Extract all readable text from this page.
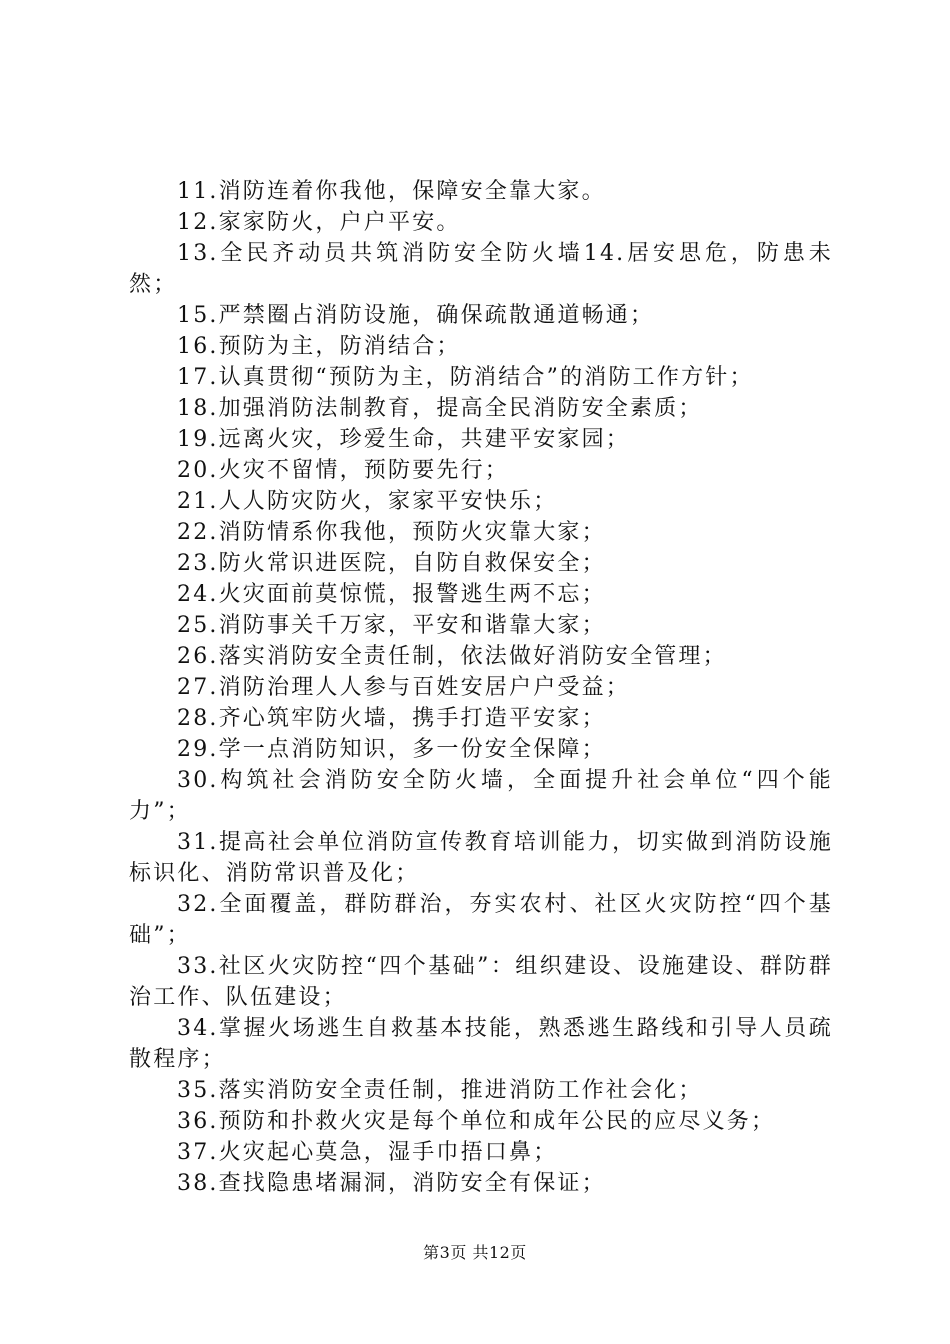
11.消防连着你我他，保障安全靠大家。

12.家家防火，户户平安。

13.全民齐动员共筑消防安全防火墙14.居安思危，防患未然；

15.严禁圈占消防设施，确保疏散通道畅通；

16.预防为主，防消结合；

17.认真贯彻“预防为主，防消结合”的消防工作方针；

18.加强消防法制教育，提高全民消防安全素质；

19.远离火灾，珍爱生命，共建平安家园；

20.火灾不留情，预防要先行；

21.人人防灾防火，家家平安快乐；

22.消防情系你我他，预防火灾靠大家；

23.防火常识进医院，自防自救保安全；

24.火灾面前莫惊慌，报警逃生两不忘；

25.消防事关千万家，平安和谐靠大家；

26.落实消防安全责任制，依法做好消防安全管理；

27.消防治理人人参与百姓安居户户受益；

28.齐心筑牢防火墙，携手打造平安家；

29.学一点消防知识，多一份安全保障；

30.构筑社会消防安全防火墙，全面提升社会单位“四个能力”；

31.提高社会单位消防宣传教育培训能力，切实做到消防设施标识化、消防常识普及化；

32.全面覆盖，群防群治，夯实农村、社区火灾防控“四个基础”；

33.社区火灾防控“四个基础”：组织建设、设施建设、群防群治工作、队伍建设；

34.掌握火场逃生自救基本技能，熟悉逃生路线和引导人员疏散程序；

35.落实消防安全责任制，推进消防工作社会化；

36.预防和扑救火灾是每个单位和成年公民的应尽义务；

37.火灾起心莫急，湿手巾捂口鼻；

38.查找隐患堵漏洞，消防安全有保证；

第3页 共12页
